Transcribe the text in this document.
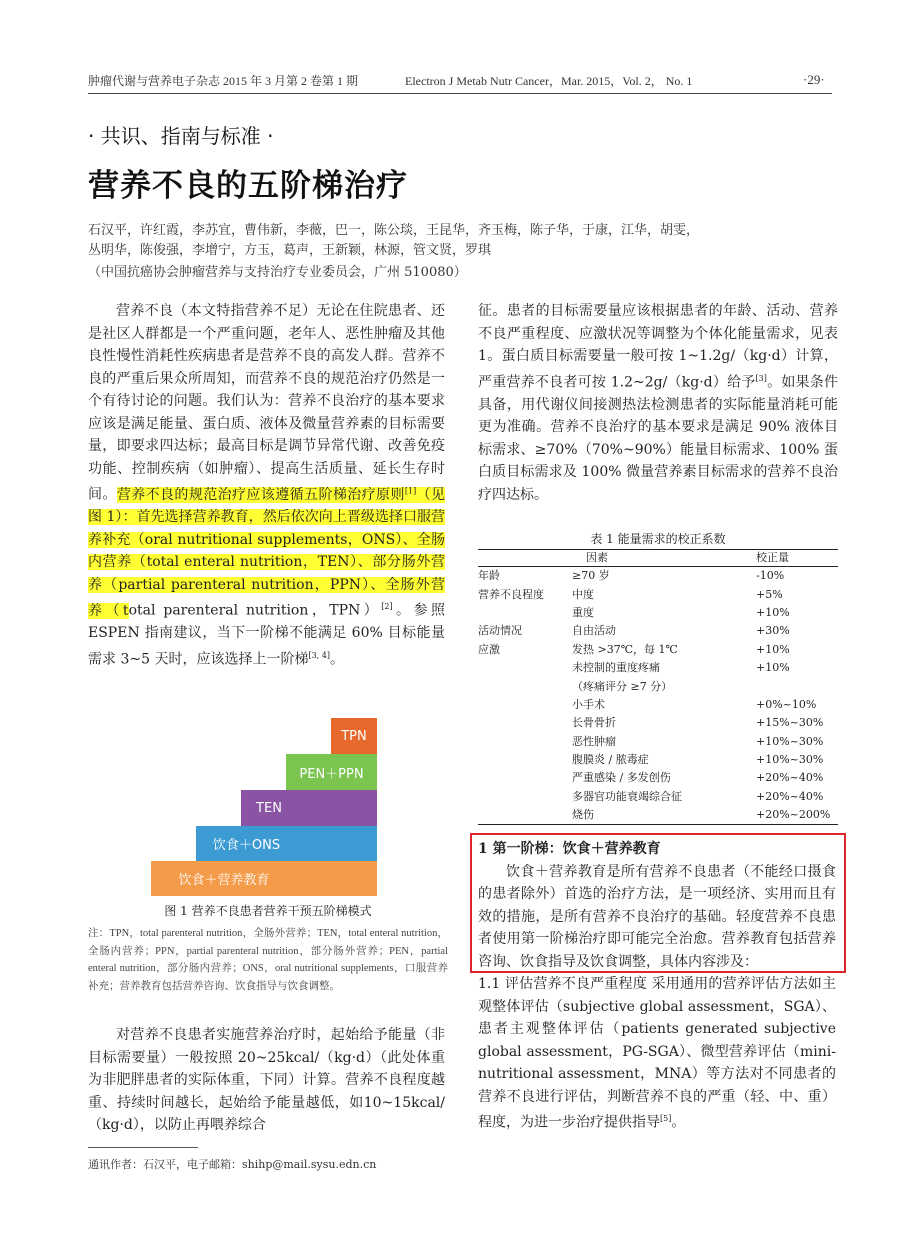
肿瘤代谢与营养电子杂志 2015 年 3 月第 2 卷第 1 期	Electron J Metab Nutr Cancer，Mar. 2015，Vol. 2， No. 1	·29·
· 共识、指南与标准 ·
营养不良的五阶梯治疗
石汉平，许红霞，李苏宜，曹伟新，李薇，巴一，陈公琰，王昆华，齐玉梅，陈子华，于康，江华，胡雯，
丛明华，陈俊强，李增宁，方玉，葛声，王新颖，林源，管文贤，罗琪
（中国抗癌协会肿瘤营养与支持治疗专业委员会，广州 510080）

营养不良（本文特指营养不足）无论在住院患者、还是社区人群都是一个严重问题，老年人、恶性肿瘤及其他良性慢性消耗性疾病患者是营养不良的高发人群。营养不良的严重后果众所周知，而营养不良的规范治疗仍然是一个有待讨论的问题。我们认为：营养不良治疗的基本要求应该是满足能量、蛋白质、液体及微量营养素的目标需要量，即要求四达标；最高目标是调节异常代谢、改善免疫功能、控制疾病（如肿瘤）、提高生活质量、延长生存时间。营养不良的规范治疗应该遵循五阶梯治疗原则[1]（见图 1）：首先选择营养教育，然后依次向上晋级选择口服营养补充（oral nutritional supplements，ONS）、全肠内营养（total enteral nutrition，TEN）、部分肠外营养（partial parenteral nutrition，PPN）、全肠外营养（total parenteral nutrition，TPN）[2]。参照 ESPEN 指南建议，当下一阶梯不能满足 60% 目标能量需求 3~5 天时，应该选择上一阶梯[3, 4]。

TPN
PEN＋PPN
TEN
饮食＋ONS
饮食＋营养教育
图 1 营养不良患者营养干预五阶梯模式
注：TPN，total parenteral nutrition，全肠外营养；TEN，total enteral nutrition，全肠内营养；PPN，partial parenteral nutrition，部分肠外营养；PEN，partial enteral nutrition，部分肠内营养；ONS，oral nutritional supplements，口服营养补充；营养教育包括营养咨询、饮食指导与饮食调整。

对营养不良患者实施营养治疗时，起始给予能量（非目标需要量）一般按照 20~25kcal/（kg·d）（此处体重为非肥胖患者的实际体重，下同）计算。营养不良程度越重、持续时间越长，起始给予能量越低，如10~15kcal/（kg·d），以防止再喂养综合

通讯作者：石汉平，电子邮箱：shihp@mail.sysu.edn.cn

征。患者的目标需要量应该根据患者的年龄、活动、营养不良严重程度、应激状况等调整为个体化能量需求，见表 1。蛋白质目标需要量一般可按 1~1.2g/（kg·d）计算，严重营养不良者可按 1.2~2g/（kg·d）给予[3]。如果条件具备，用代谢仪间接测热法检测患者的实际能量消耗可能更为准确。营养不良治疗的基本要求是满足 90% 液体目标需求、≥70%（70%~90%）能量目标需求、100% 蛋白质目标需求及 100% 微量营养素目标需求的营养不良治疗四达标。

表 1 能量需求的校正系数
	因素	校正量
年龄	≥70 岁	-10%
营养不良程度	中度	+5%
	重度	+10%
活动情况	自由活动	+30%
应激	发热 >37℃，每 1℃	+10%
	未控制的重度疼痛	+10%
	（疼痛评分 ≥7 分）	
	小手术	+0%~10%
	长骨骨折	+15%~30%
	恶性肿瘤	+10%~30%
	腹膜炎 / 脓毒症	+10%~30%
	严重感染 / 多发创伤	+20%~40%
	多器官功能衰竭综合征	+20%~40%
	烧伤	+20%~200%

1 第一阶梯：饮食＋营养教育

饮食＋营养教育是所有营养不良患者（不能经口摄食的患者除外）首选的治疗方法，是一项经济、实用而且有效的措施，是所有营养不良治疗的基础。轻度营养不良患者使用第一阶梯治疗即可能完全治愈。营养教育包括营养咨询、饮食指导及饮食调整，具体内容涉及：

1.1 评估营养不良严重程度 采用通用的营养评估方法如主观整体评估（subjective global assessment，SGA）、患者主观整体评估（patients generated subjective global assessment，PG-SGA）、微型营养评估（mini-nutritional assessment，MNA）等方法对不同患者的营养不良进行评估，判断营养不良的严重（轻、中、重）程度，为进一步治疗提供指导[5]。
